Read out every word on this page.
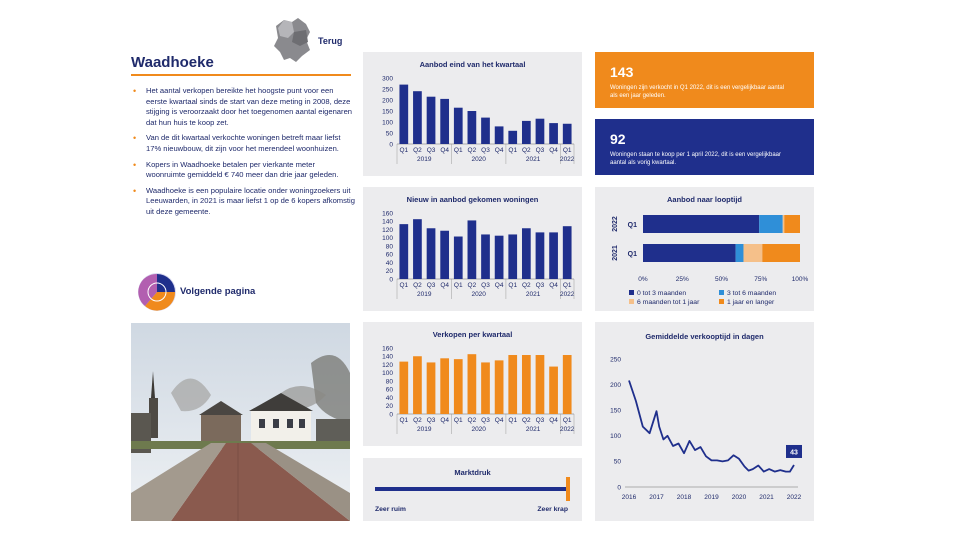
Terug
Waadhoeke
• Het aantal verkopen bereikte het hoogste punt voor een eerste kwartaal sinds de start van deze meting in 2008, deze stijging is veroorzaakt door het toegenomen aantal eigenaren dat hun huis te koop zet.
• Van de dit kwartaal verkochte woningen betreft maar liefst 17% nieuwbouw, dit zijn voor het merendeel woonhuizen.
• Kopers in Waadhoeke betalen per vierkante meter woonruimte gemiddeld € 740 meer dan drie jaar geleden.
• Waadhoeke is een populaire locatie onder woningzoekers uit Leeuwarden, in 2021 is maar liefst 1 op de 6 kopers afkomstig uit deze gemeente.
Volgende pagina
Aanbod eind van het kwartaal
0
50
100
150
200
250
300
Q1 Q2 Q3 Q4 Q1 Q2 Q3 Q4 Q1 Q2 Q3 Q4 Q1
2019	2020	2021	2022
Nieuw in aanbod gekomen woningen
0
20
40
60
80
100
120
140
160
Q1 Q2 Q3 Q4 Q1 Q2 Q3 Q4 Q1 Q2 Q3 Q4 Q1
2019	2020	2021	2022
Verkopen per kwartaal
0
20
40
60
80
100
120
140
160
Q1 Q2 Q3 Q4 Q1 Q2 Q3 Q4 Q1 Q2 Q3 Q4 Q1
2019	2020	2021	2022
Marktdruk
Zeer ruim	Zeer krap
143
Woningen zijn verkocht in Q1 2022, dit is een vergelijkbaar aantal als een jaar geleden.
92
Woningen staan te koop per 1 april 2022, dit is een vergelijkbaar aantal als vorig kwartaal.
Aanbod naar looptijd
Q1
2022
Q1
2021
0%	25%	50%	75%	100%
0 tot 3 maanden	3 tot 6 maanden
6 maanden tot 1 jaar	1 jaar en langer
Gemiddelde verkooptijd in dagen
0
50
100
150
200
250
2016 2017 2018 2019 2020 2021 2022
43
